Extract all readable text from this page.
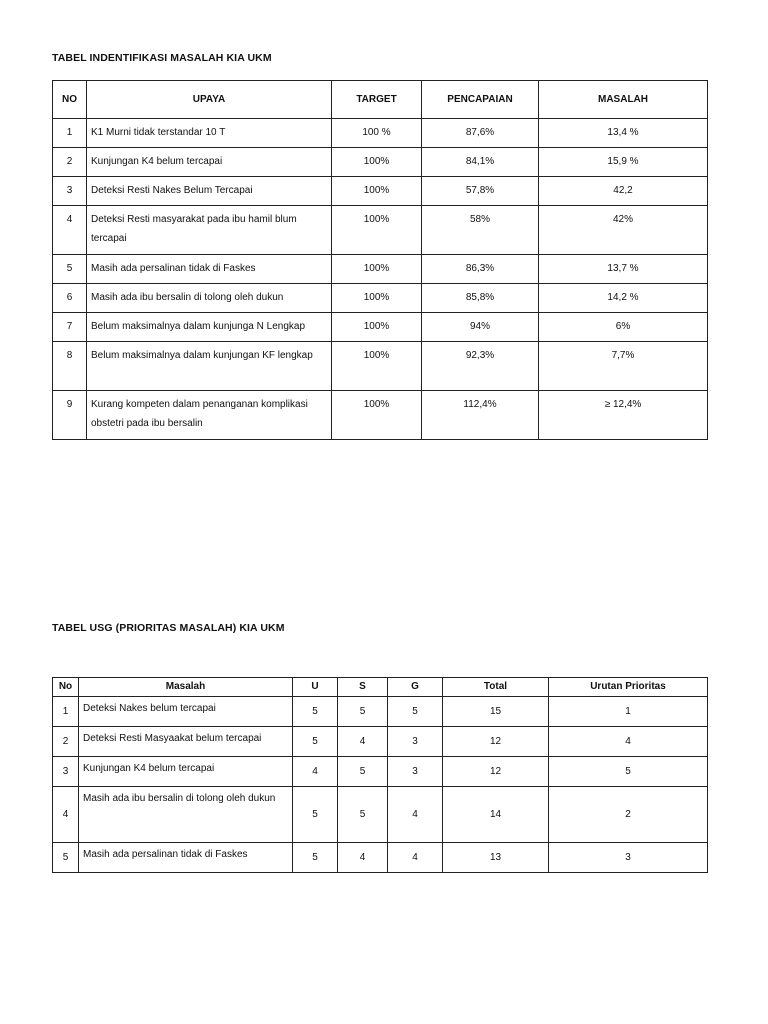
TABEL INDENTIFIKASI MASALAH KIA UKM

NO	UPAYA	TARGET	PENCAPAIAN	MASALAH
1	K1 Murni tidak terstandar 10 T	100 %	87,6%	13,4 %
2	Kunjungan K4 belum tercapai	100%	84,1%	15,9 %
3	Deteksi Resti Nakes Belum Tercapai	100%	57,8%	42,2
4	Deteksi Resti masyarakat pada ibu hamil blum tercapai	100%	58%	42%
5	Masih ada persalinan tidak di Faskes	100%	86,3%	13,7 %
6	Masih ada ibu bersalin di tolong oleh dukun	100%	85,8%	14,2 %
7	Belum maksimalnya dalam kunjunga N Lengkap	100%	94%	6%
8	Belum maksimalnya dalam kunjungan KF lengkap	100%	92,3%	7,7%
9	Kurang kompeten dalam penanganan komplikasi obstetri pada ibu bersalin	100%	112,4%	≥ 12,4%

TABEL USG (PRIORITAS MASALAH) KIA UKM

No	Masalah	U	S	G	Total	Urutan Prioritas
1	Deteksi Nakes belum tercapai	5	5	5	15	1
2	Deteksi Resti Masyaakat belum tercapai	5	4	3	12	4
3	Kunjungan K4 belum tercapai	4	5	3	12	5
4	Masih ada ibu bersalin di tolong oleh dukun	5	5	4	14	2
5	Masih ada persalinan tidak di Faskes	5	4	4	13	3
